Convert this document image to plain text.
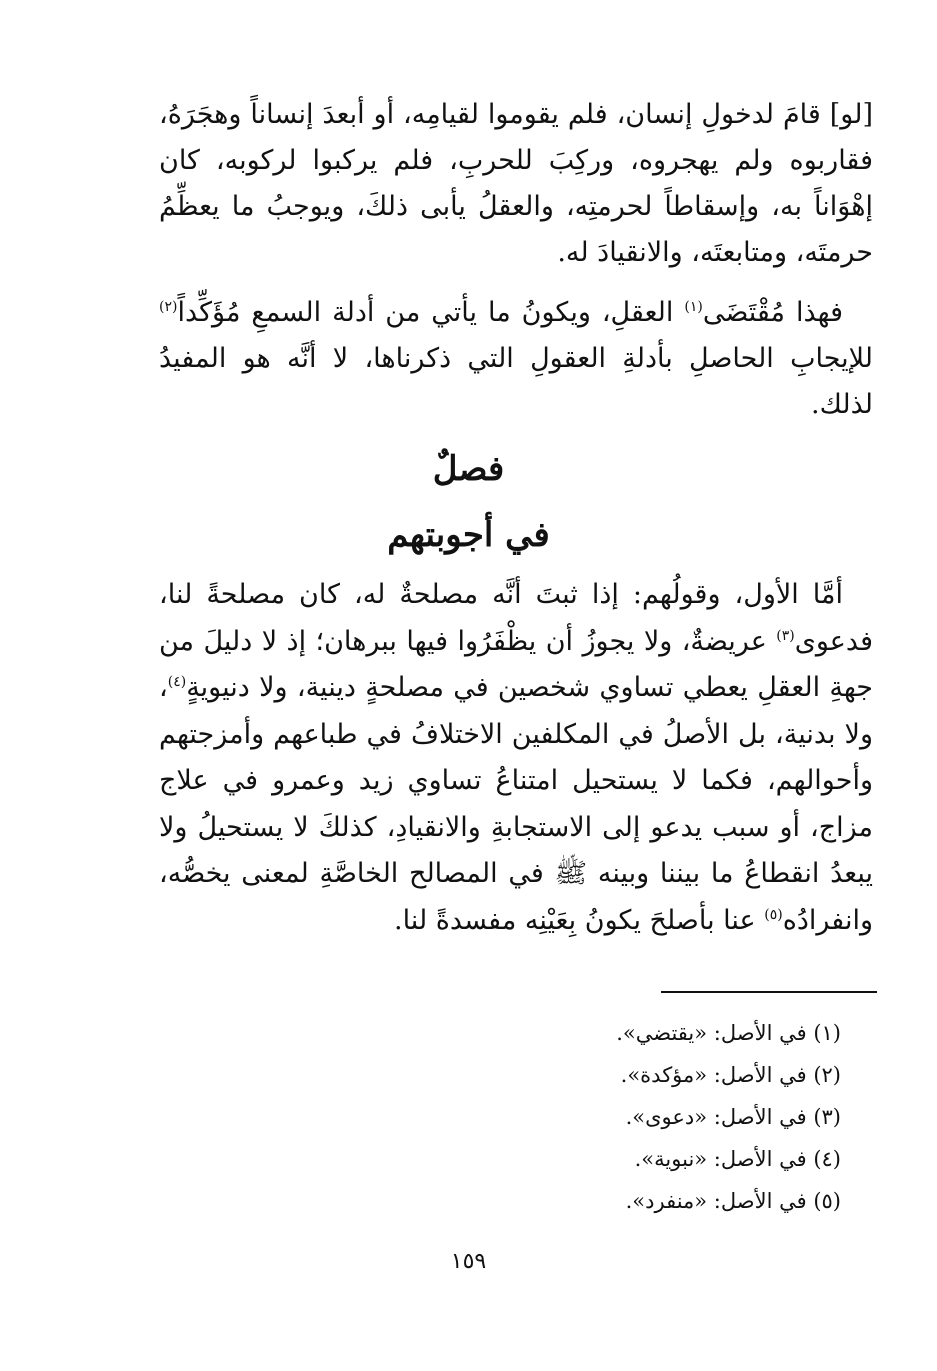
[لو] قامَ لدخولِ إنسان، فلم يقوموا لقيامِه، أو أبعدَ إنساناً وهجَرَهُ، فقاربوه ولم يهجروه، وركِبَ للحربِ، فلم يركبوا لركوبه، كان إهْوَاناً به، وإسقاطاً لحرمتِه، والعقلُ يأبى ذلكَ، ويوجبُ ما يعظِّمُ حرمتَه، ومتابعتَه، والانقيادَ له.

فهذا مُقْتَضَى$^{(١)}$ العقلِ، ويكونُ ما يأتي من أدلة السمعِ مُؤَكِّداً$^{(٢)}$ للإيجابِ الحاصلِ بأدلةِ العقولِ التي ذكرناها، لا أنَّه هو المفيدُ لذلك.

فصلٌ
في أجوبتهم

أمَّا الأول، وقولُهم: إذا ثبتَ أنَّه مصلحةٌ له، كان مصلحةً لنا، فدعوى$^{(٣)}$ عريضةٌ، ولا يجوزُ أن يظْفَرُوا فيها ببرهان؛ إذ لا دليلَ من جهةِ العقلِ يعطي تساوي شخصين في مصلحةٍ دينية، ولا دنيويةٍ$^{(٤)}$، ولا بدنية، بل الأصلُ في المكلفين الاختلافُ في طباعهم وأمزجتهم وأحوالهم، فكما لا يستحيل امتناعُ تساوي زيد وعمرو في علاج مزاج، أو سبب يدعو إلى الاستجابةِ والانقيادِ، كذلكَ لا يستحيلُ ولا يبعدُ انقطاعُ ما بيننا وبينه ﷺ في المصالح الخاصَّةِ لمعنى يخصُّه، وانفرادُه$^{(٥)}$ عنا بأصلحَ يكونُ بِعَيْنِه مفسدةً لنا.

(١) في الأصل: «يقتضي».
(٢) في الأصل: «مؤكدة».
(٣) في الأصل: «دعوى».
(٤) في الأصل: «نبوية».
(٥) في الأصل: «منفرد».
١٥٩
